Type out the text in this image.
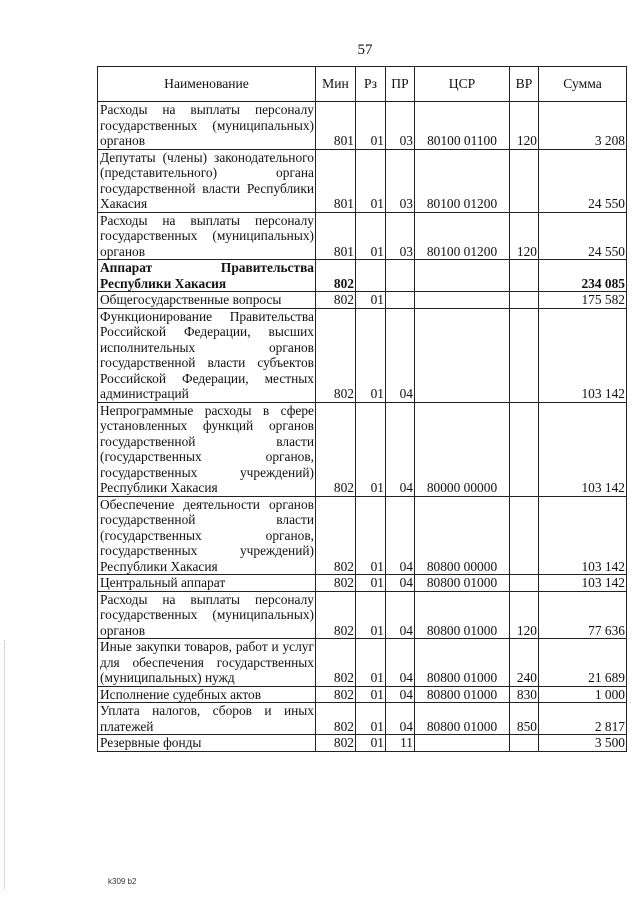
57
Наименование	Мин	Рз	ПР	ЦСР	ВР	Сумма
Расходы на выплаты персоналу государственных (муниципальных) органов	801	01	03	80100 01100	120	3 208
Депутаты (члены) законодательного (представительного) органа государственной власти Республики Хакасия	801	01	03	80100 01200		24 550
Расходы на выплаты персоналу государственных (муниципальных) органов	801	01	03	80100 01200	120	24 550
Аппарат Правительства Республики Хакасия	802					234 085
Общегосударственные вопросы	802	01				175 582
Функционирование Правительства Российской Федерации, высших исполнительных органов государственной власти субъектов Российской Федерации, местных администраций	802	01	04			103 142
Непрограммные расходы в сфере установленных функций органов государственной власти (государственных органов, государственных учреждений) Республики Хакасия	802	01	04	80000 00000		103 142
Обеспечение деятельности органов государственной власти (государственных органов, государственных учреждений) Республики Хакасия	802	01	04	80800 00000		103 142
Центральный аппарат	802	01	04	80800 01000		103 142
Расходы на выплаты персоналу государственных (муниципальных) органов	802	01	04	80800 01000	120	77 636
Иные закупки товаров, работ и услуг для обеспечения государственных (муниципальных) нужд	802	01	04	80800 01000	240	21 689
Исполнение судебных актов	802	01	04	80800 01000	830	1 000
Уплата налогов, сборов и иных платежей	802	01	04	80800 01000	850	2 817
Резервные фонды	802	01	11			3 500
k309 b2
